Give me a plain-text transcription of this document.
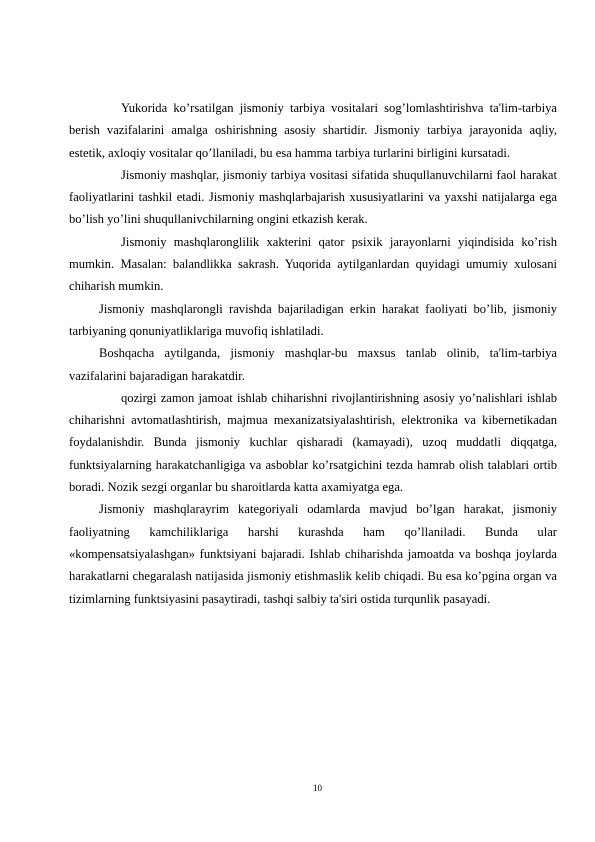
Yukorida ko’rsatilgan jismoniy tarbiya vositalari sog’lomlashtirishva ta'lim-tarbiya berish vazifalarini amalga oshirishning asosiy shartidir. Jismoniy tarbiya jarayonida aqliy, estetik, axloqiy vositalar qo’llaniladi, bu esa hamma tarbiya turlarini birligini kursatadi.

Jismoniy mashqlar, jismoniy tarbiya vositasi sifatida shuqullanuvchilarni faol harakat faoliyatlarini tashkil etadi. Jismoniy mashqlarbajarish xususiyatlarini va yaxshi natijalarga ega bo’lish yo’lini shuqullanivchilarning ongini etkazish kerak.

Jismoniy mashqlaronglilik xakterini qator psixik jarayonlarni yiqindisida ko’rish mumkin. Masalan: balandlikka sakrash. Yuqorida aytilganlardan quyidagi umumiy xulosani chiharish mumkin.

Jismoniy mashqlarongli ravishda bajariladigan erkin harakat faoliyati bo’lib, jismoniy tarbiyaning qonuniyatliklariga muvofiq ishlatiladi.

Boshqacha aytilganda, jismoniy mashqlar-bu maxsus tanlab olinib, ta'lim-tarbiya vazifalarini bajaradigan harakatdir.

qozirgi zamon jamoat ishlab chiharishni rivojlantirishning asosiy yo’nalishlari ishlab chiharishni avtomatlashtirish, majmua mexanizatsiyalashtirish, elektronika va kibernetikadan foydalanishdir. Bunda jismoniy kuchlar qisharadi (kamayadi), uzoq muddatli diqqatga, funktsiyalarning harakatchanligiga va asboblar ko’rsatgichini tezda hamrab olish talablari ortib boradi. Nozik sezgi organlar bu sharoitlarda katta axamiyatga ega.

Jismoniy mashqlarayrim kategoriyali odamlarda mavjud bo’lgan harakat, jismoniy faoliyatning kamchiliklariga harshi kurashda ham qo’llaniladi. Bunda ular «kompensatsiyalashgan» funktsiyani bajaradi. Ishlab chiharishda jamoatda va boshqa joylarda harakatlarni chegaralash natijasida jismoniy etishmaslik kelib chiqadi. Bu esa ko’pgina organ va tizimlarning funktsiyasini pasaytiradi, tashqi salbiy ta'siri ostida turqunlik pasayadi.

10
